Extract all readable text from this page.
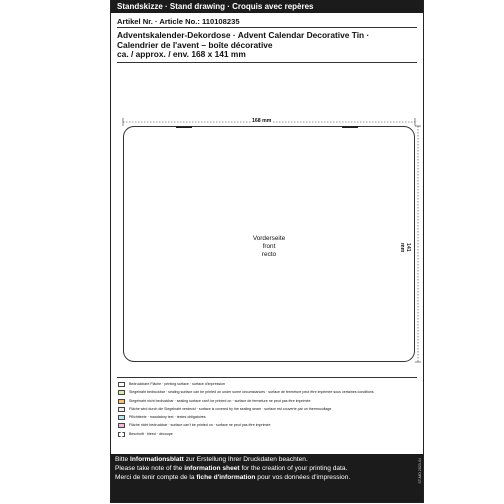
Standskizze · Stand drawing · Croquis avec repères
Artikel Nr. · Article No.: 110108235
Adventskalender-Dekordose · Advent Calendar Decorative Tin ·
Calendrier de l'avent – boîte décorative
ca. / approx. / env. 168 x 141 mm
168 mm
141 mm
Vorderseite
front
recto
Bedruckbare Fläche · printing surface · surface d'impression
Siegelnaht bedruckbar · sealing surface can be printed on under some circumstances · surface de fermeture peut être imprimée sous certaines conditions
Siegelnaht nicht bedruckbar · sealing surface can't be printed on · surface de fermeture ne peut pas être imprimée
Fläche wird durch die Siegelnaht verdeckt · surface is covered by the sealing seam · surface est couverte par un thermocollage
Pflichttexte · mandatory text · textes obligatoires
Fläche nicht bedruckbar · surface can't be printed on · surface ne peut pas être imprimée
Beschnitt · bleed · découpe
Bitte Informationsblatt zur Erstellung Ihrer Druckdaten beachten.
Please take note of the information sheet for the creation of your printing data.
Merci de tenir compte de la fiche d'information pour vos données d'impression.	ST-MO 2023-04
